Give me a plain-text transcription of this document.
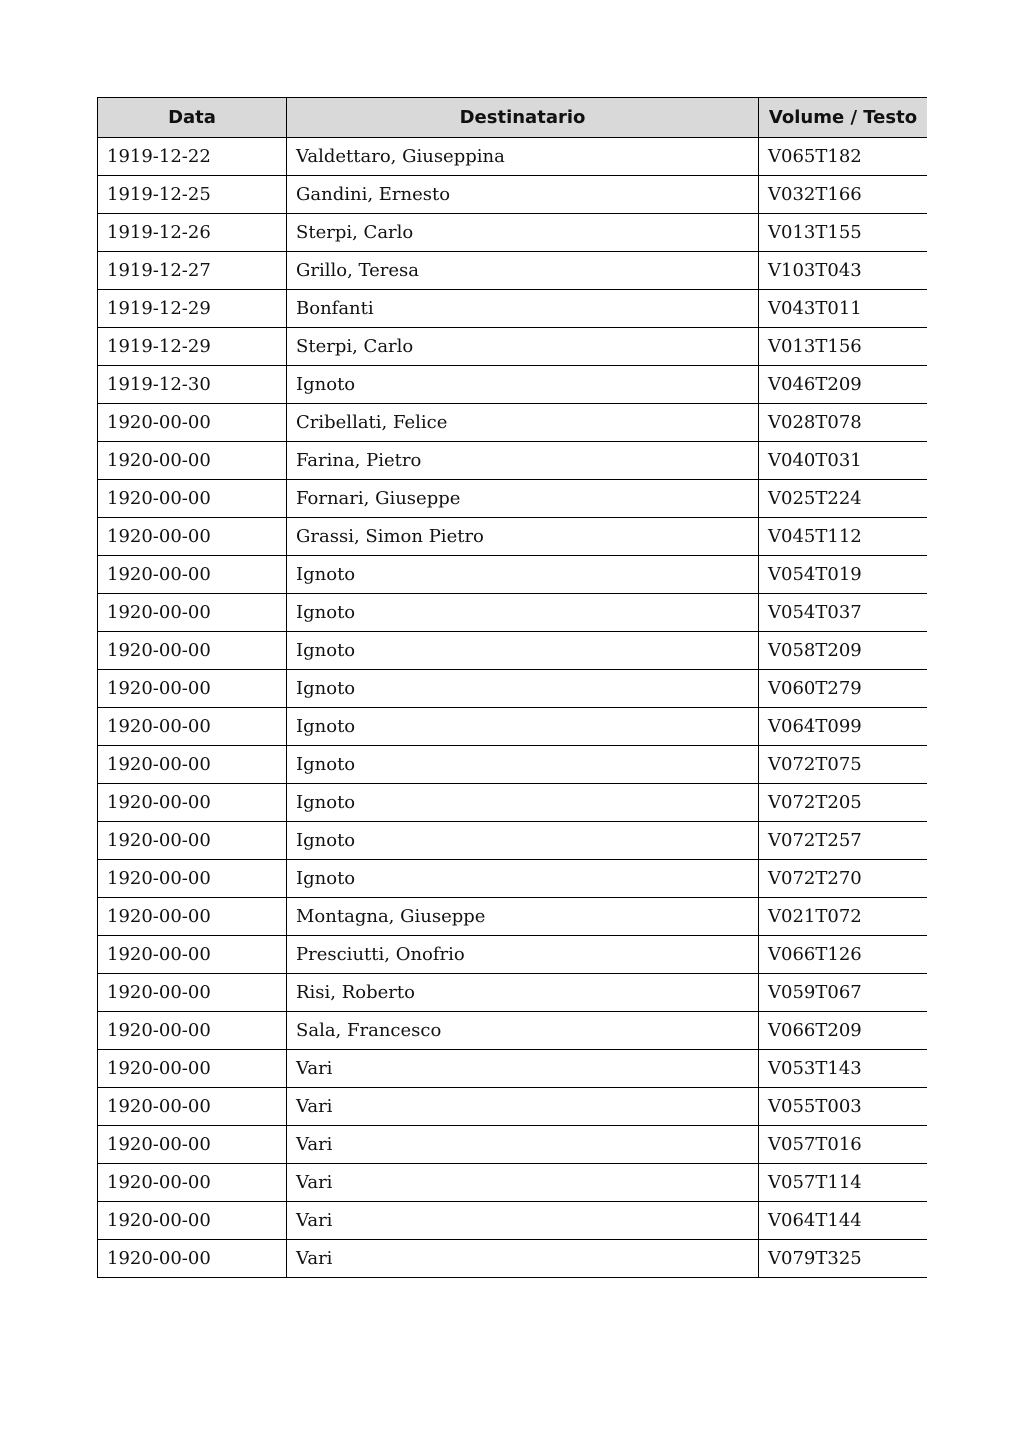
Data	Destinatario	Volume / Testo
1919-12-22	Valdettaro, Giuseppina	V065T182
1919-12-25	Gandini, Ernesto	V032T166
1919-12-26	Sterpi, Carlo	V013T155
1919-12-27	Grillo, Teresa	V103T043
1919-12-29	Bonfanti	V043T011
1919-12-29	Sterpi, Carlo	V013T156
1919-12-30	Ignoto	V046T209
1920-00-00	Cribellati, Felice	V028T078
1920-00-00	Farina, Pietro	V040T031
1920-00-00	Fornari, Giuseppe	V025T224
1920-00-00	Grassi, Simon Pietro	V045T112
1920-00-00	Ignoto	V054T019
1920-00-00	Ignoto	V054T037
1920-00-00	Ignoto	V058T209
1920-00-00	Ignoto	V060T279
1920-00-00	Ignoto	V064T099
1920-00-00	Ignoto	V072T075
1920-00-00	Ignoto	V072T205
1920-00-00	Ignoto	V072T257
1920-00-00	Ignoto	V072T270
1920-00-00	Montagna, Giuseppe	V021T072
1920-00-00	Presciutti, Onofrio	V066T126
1920-00-00	Risi, Roberto	V059T067
1920-00-00	Sala, Francesco	V066T209
1920-00-00	Vari	V053T143
1920-00-00	Vari	V055T003
1920-00-00	Vari	V057T016
1920-00-00	Vari	V057T114
1920-00-00	Vari	V064T144
1920-00-00	Vari	V079T325
